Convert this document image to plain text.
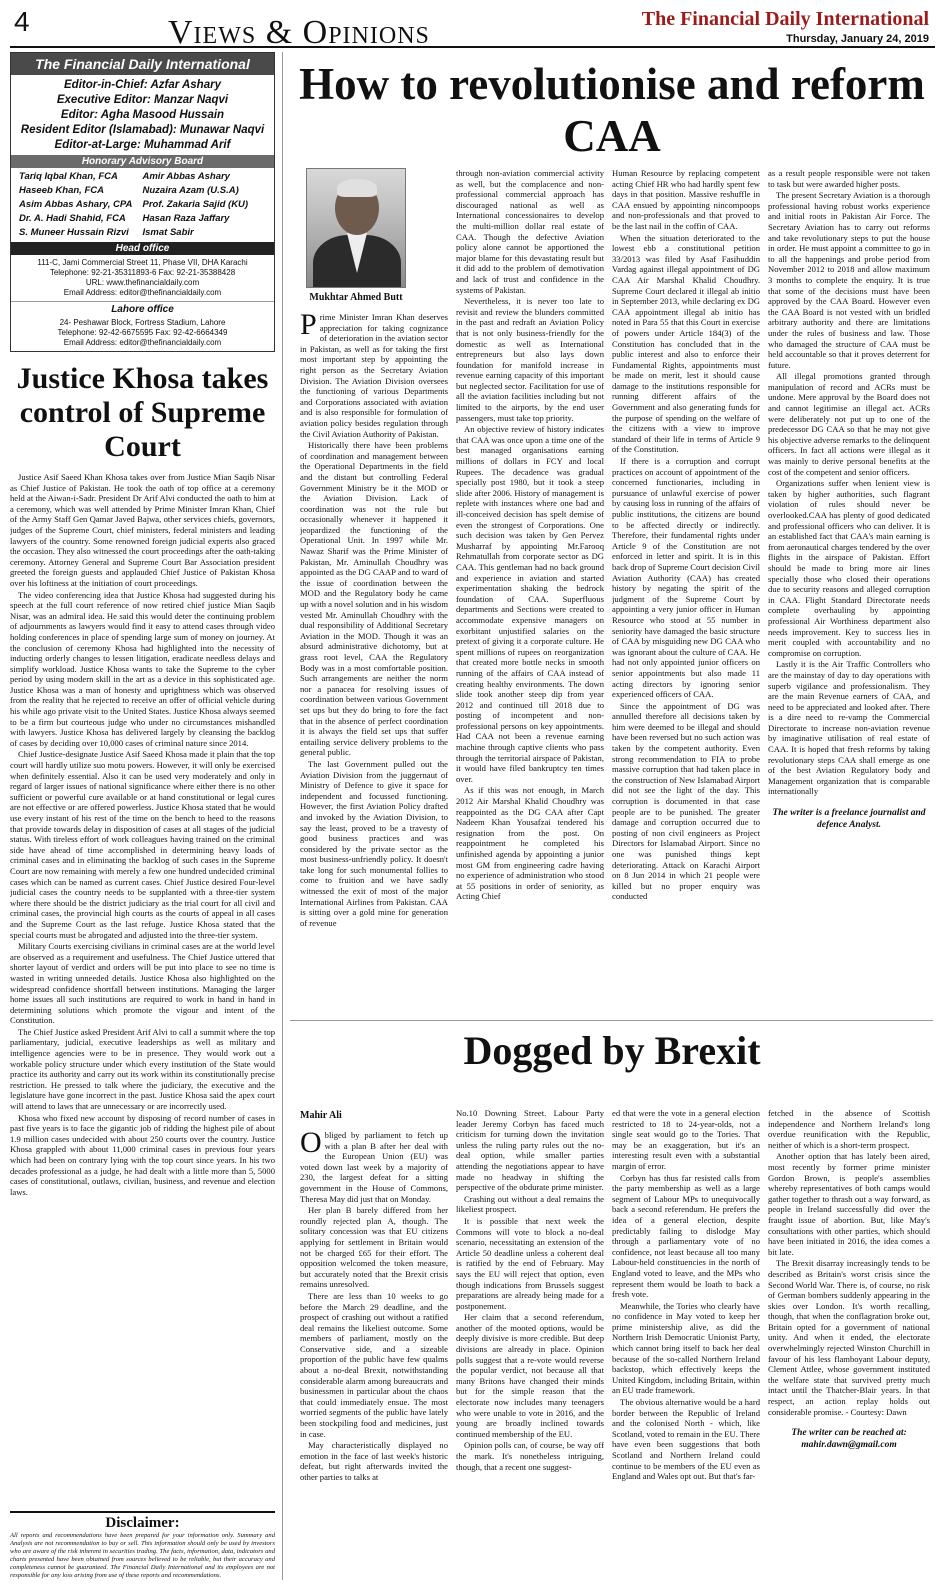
4	Views & Opinions	The Financial Daily International
Thursday, January 24, 2019
The Financial Daily International
Editor-in-Chief: Azfar Ashary
Executive Editor: Manzar Naqvi
Editor: Agha Masood Hussain
Resident Editor (Islamabad): Munawar Naqvi
Editor-at-Large: Muhammad Arif
Honorary Advisory Board
Tariq Iqbal Khan, FCA	Amir Abbas Ashary
Haseeb Khan, FCA	Nuzaira Azam (U.S.A)
Asim Abbas Ashary, CPA	Prof. Zakaria Sajid (KU)
Dr. A. Hadi Shahid, FCA	Hasan Raza Jaffary
S. Muneer Hussain Rizvi	Ismat Sabir
Head office
111-C, Jami Commercial Street 11, Phase VII, DHA Karachi
Telephone: 92-21-35311893-6 Fax: 92-21-35388428
URL: www.thefinancialdaily.com
Email Address: editor@thefinancialdaily.com
Lahore office
24- Peshawar Block, Fortress Stadium, Lahore
Telephone: 92-42-6675595 Fax: 92-42-6664349
Email Address: editor@thefinancialdaily.com
Justice Khosa takes control of Supreme Court

Justice Asif Saeed Khan Khosa takes over from Justice Mian Saqib Nisar as Chief Justice of Pakistan. He took the oath of top office at a ceremony held at the Aiwan-i-Sadr. President Dr Arif Alvi conducted the oath to him at a ceremony, which was well attended by Prime Minister Imran Khan, Chief of the Army Staff Gen Qamar Javed Bajwa, other services chiefs, governors, judges of the Supreme Court, chief ministers, federal ministers and leading lawyers of the country. Some renowned foreign judicial experts also graced the occasion. They also witnessed the court proceedings after the oath-taking ceremony. Attorney General and Supreme Court Bar Association president greeted the foreign guests and applauded Chief Justice of Pakistan Khosa over his loftiness at the initiation of court proceedings.

The video conferencing idea that Justice Khosa had suggested during his speech at the full court reference of now retired chief justice Mian Saqib Nisar, was an admiral idea. He said this would deter the continuing problem of adjournments as lawyers would find it easy to attend cases through video holding conferences in place of spending large sum of money on journey. At the conclusion of ceremony Khosa had highlighted into the necessity of inducting orderly changes to lessen litigation, eradicate needless delays and simplify workload. Justice Khosa wants to take the Supreme to the cyber period by using modern skill in the art as a device in this sophisticated age. Justice Khosa was a man of honesty and uprightness which was observed from the reality that he rejected to receive an offer of official vehicle during his while ago private visit to the United States. Justice Khosa always seemed to be a firm but courteous judge who under no circumstances mishandled with lawyers. Justice Khosa has delivered largely by cleansing the backlog of cases by deciding over 10,000 cases of criminal nature since 2014.

Chief Justice-designate Justice Asif Saeed Khosa made it plain that the top court will hardly utilize suo motu powers. However, it will only be exercised when definitely essential. Also it can be used very moderately and only in regard of larger issues of national significance where either there is no other sufficient or powerful cure available or at hand constitutional or legal cures are not effective or are offered powerless. Justice Khosa stated that he would use every instant of his rest of the time on the bench to heed to the reasons that provide towards delay in disposition of cases at all stages of the judicial status. With tireless effort of work colleagues having trained on the criminal side have ahead of time accomplished in determining heavy loads of criminal cases and in eliminating the backlog of such cases in the Supreme Court are now remaining with merely a few one hundred undecided criminal cases which can be named as current cases. Chief Justice desired Four-level judicial cases the country needs to be supplanted with a three-tier system where there should be the district judiciary as the trial court for all civil and criminal cases, the provincial high courts as the courts of appeal in all cases and the Supreme Court as the last refuge. Justice Khosa stated that the special courts must be abrogated and adjusted into the three-tier system.

Military Courts exercising civilians in criminal cases are at the world level are observed as a requirement and usefulness. The Chief Justice uttered that shorter layout of verdict and orders will be put into place to see no time is wasted in writing unneeded details. Justice Khosa also highlighted on the widespread confidence shortfall between institutions. Managing the larger home issues all such institutions are required to work in hand in hand in determining solutions which promote the vigour and intent of the Constitution.

The Chief Justice asked President Arif Alvi to call a summit where the top parliamentary, judicial, executive leaderships as well as military and intelligence agencies were to be in presence. They would work out a workable policy structure under which every institution of the State would practice its authority and carry out its work within its constitutionally precise restriction. He pressed to talk where the judiciary, the executive and the legislature have gone incorrect in the past. Justice Khosa said the apex court will attend to laws that are unnecessary or are incorrectly used.

Khosa who fixed new account by disposing of record number of cases in past five years is to face the gigantic job of ridding the highest pile of about 1.9 million cases undecided with about 250 courts over the country. Justice Khosa grappled with about 11,000 criminal cases in previous four years which had been on contrary lying with the top court since years. In his two decades professional as a judge, he had dealt with a little more than 5, 5000 cases of constitutional, outlaws, civilian, business, and revenue and election laws.

Disclaimer:
All reports and recommendations have been prepared for your information only. Summary and Analysis are not recommendation to buy or sell. This information should only be used by investors who are aware of the risk inherent in securities trading. The facts, information, data, indicators and charts presented have been obtained from sources believed to be reliable, but their accuracy and completeness cannot be guaranteed. The Financial Daily International and its employees are not responsible for any loss arising from use of these reports and recommendations.
How to revolutionise and reform CAA
Mukhtar Ahmed Butt

Prime Minister Imran Khan deserves appreciation for taking cognizance of deterioration in the aviation sector in Pakistan, as well as for taking the first most important step by appointing the right person as the Secretary Aviation Division. The Aviation Division oversees the functioning of various Departments and Corporations associated with aviation and is also responsible for formulation of aviation policy besides regulation through the Civil Aviation Authority of Pakistan.

Historically there have been problems of coordination and management between the Operational Departments in the field and the distant but controlling Federal Government Ministry be it the MOD or the Aviation Division. Lack of coordination was not the rule but occasionally whenever it happened it jeopardized the functioning of the Operational Unit. In 1997 while Mr. Nawaz Sharif was the Prime Minister of Pakistan, Mr. Aminullah Choudhry was appointed as the DG CAAP and to ward of the issue of coordination between the MOD and the Regulatory body he came up with a novel solution and in his wisdom vested Mr. Aminullah Choudhry with the dual responsibility of Additional Secretary Aviation in the MOD. Though it was an absurd administrative dichotomy, but at grass root level, CAA the Regulatory Body was in a most comfortable position. Such arrangements are neither the norm nor a panacea for resolving issues of coordination between various Government set ups but they do bring to fore the fact that in the absence of perfect coordination it is always the field set ups that suffer entailing service delivery problems to the general public.

The last Government pulled out the Aviation Division from the juggernaut of Ministry of Defence to give it space for independent and focussed functioning. However, the first Aviation Policy drafted and invoked by the Aviation Division, to say the least, proved to be a travesty of good business practices and was considered by the private sector as the most business-unfriendly policy. It doesn't take long for such monumental follies to come to fruition and we have sadly witnessed the exit of most of the major International Airlines from Pakistan. CAA is sitting over a gold mine for generation of revenue

through non-aviation commercial activity as well, but the complacence and non-professional commercial approach has discouraged national as well as International concessionaires to develop the multi-million dollar real estate of CAA. Though the defective Aviation policy alone cannot be apportioned the major blame for this devastating result but it did add to the problem of demotivation and lack of trust and confidence in the systems of Pakistan.

Nevertheless, it is never too late to revisit and review the blunders committed in the past and redraft an Aviation Policy that is not only business-friendly for the domestic as well as International entrepreneurs but also lays down foundation for manifold increase in revenue earning capacity of this important but neglected sector. Facilitation for use of all the aviation facilities including but not limited to the airports, by the end user passengers, must take top priority.

An objective review of history indicates that CAA was once upon a time one of the best managed organisations earning millions of dollars in FCY and local Rupees. The decadence was gradual specially post 1980, but it took a steep slide after 2006. History of management is replete with instances where one bad and ill-conceived decision has spelt demise of even the strongest of Corporations. One such decision was taken by Gen Pervez Musharraf by appointing Mr.Farooq Rehmatullah from corporate sector as DG CAA. This gentleman had no back ground and experience in aviation and started experimentation shaking the bedrock foundation of CAA. Superfluous departments and Sections were created to accommodate expensive managers on exorbitant unjustified salaries on the pretext of giving it a corporate culture. He spent millions of rupees on reorganization that created more bottle necks in smooth running of the affairs of CAA instead of creating healthy environments. The down slide took another steep dip from year 2012 and continued till 2018 due to posting of incompetent and non-professional persons on key appointments. Had CAA not been a revenue earning machine through captive clients who pass through the territorial airspace of Pakistan, it would have filed bankruptcy ten times over.

As if this was not enough, in March 2012 Air Marshal Khalid Choudhry was reappointed as the DG CAA after Capt Nadeem Khan Yousafzai tendered his resignation from the post. On reappointment he completed his unfinished agenda by appointing a junior most GM from engineering cadre having no experience of administration who stood at 55 positions in order of seniority, as Acting Chief

Human Resource by replacing competent acting Chief HR who had hardly spent few days in that position. Massive reshuffle in CAA ensued by appointing nincompoops and non-professionals and that proved to be the last nail in the coffin of CAA.

When the situation deteriorated to the lowest ebb a constitutional petition 33/2013 was filed by Asaf Fasihuddin Vardag against illegal appointment of DG CAA Air Marshal Khalid Choudhry. Supreme Court declared it illegal ab initio in September 2013, while declaring ex DG CAA appointment illegal ab initio has noted in Para 55 that this Court in exercise of powers under Article 184(3) of the Constitution has concluded that in the public interest and also to enforce their Fundamental Rights, appointments must be made on merit, lest it should cause damage to the institutions responsible for running different affairs of the Government and also generating funds for the purpose of spending on the welfare of the citizens with a view to improve standard of their life in terms of Article 9 of the Constitution.

If there is a corruption and corrupt practices on account of appointment of the concerned functionaries, including in pursuance of unlawful exercise of power by causing loss in running of the affairs of public institutions, the citizens are bound to be affected directly or indirectly. Therefore, their fundamental rights under Article 9 of the Constitution are not enforced in letter and spirit. It is in this back drop of Supreme Court decision Civil Aviation Authority (CAA) has created history by negating the spirit of the judgment of the Supreme Court by appointing a very junior officer in Human Resource who stood at 55 number in seniority have damaged the basic structure of CAA by misguiding new DG CAA who was ignorant about the culture of CAA. He had not only appointed junior officers on senior appointments but also made 11 acting directors by ignoring senior experienced officers of CAA.

Since the appointment of DG was annulled therefore all decisions taken by him were deemed to be illegal and should have been reversed but no such action was taken by the competent authority. Even strong recommendation to FIA to probe massive corruption that had taken place in the construction of New Islamabad Airport did not see the light of the day. This corruption is documented in that case people are to be punished. The greater damage and corruption occurred due to posting of non civil engineers as Project Directors for Islamabad Airport. Since no one was punished things kept deteriorating. Attack on Karachi Airport on 8 Jun 2014 in which 21 people were killed but no proper enquiry was conducted

as a result people responsible were not taken to task but were awarded higher posts.

The present Secretary Aviation is a thorough professional having robust works experience and initial roots in Pakistan Air Force. The Secretary Aviation has to carry out reforms and take revolutionary steps to put the house in order. He must appoint a committee to go in to all the happenings and probe period from November 2012 to 2018 and allow maximum 3 months to complete the enquiry. It is true that some of the decisions must have been approved by the CAA Board. However even the CAA Board is not vested with un bridled arbitrary authority and there are limitations under the rules of business and law. Those who damaged the structure of CAA must be held accountable so that it proves deterrent for future.

All illegal promotions granted through manipulation of record and ACRs must be undone. Mere approval by the Board does not and cannot legitimise an illegal act. ACRs were deliberately not put up to one of the predecessor DG CAA so that he may not give his objective adverse remarks to the delinquent officers. In fact all actions were illegal as it was mainly to derive personal benefits at the cost of the competent and senior officers.

Organizations suffer when lenient view is taken by higher authorities, such flagrant violation of rules should never be overlooked.CAA has plenty of good dedicated and professional officers who can deliver. It is an established fact that CAA's main earning is from aeronautical charges tendered by the over flights in the airspace of Pakistan. Effort should be made to bring more air lines specially those who closed their operations due to security reasons and alleged corruption in CAA. Flight Standard Directorate needs complete overhauling by appointing professional Air Worthiness department also needs improvement. Key to success lies in merit coupled with accountability and no compromise on corruption.

Lastly it is the Air Traffic Controllers who are the mainstay of day to day operations with superb vigilance and professionalism. They are the main Revenue earners of CAA, and need to be appreciated and looked after. There is a dire need to re-vamp the Commercial Directorate to increase non-aviation revenue by imaginative utilisation of real estate of CAA. It is hoped that fresh reforms by taking revolutionary steps CAA shall emerge as one of the best Aviation Regulatory body and Management organization that is comparable internationally

The writer is a freelance journalist and defence Analyst.
Dogged by Brexit
Mahir Ali

Obliged by parliament to fetch up with a plan B after her deal with the European Union (EU) was voted down last week by a majority of 230, the largest defeat for a sitting government in the House of Commons, Theresa May did just that on Monday.

Her plan B barely differed from her roundly rejected plan A, though. The solitary concession was that EU citizens applying for settlement in Britain would not be charged £65 for their effort. The opposition welcomed the token measure, but accurately noted that the Brexit crisis remains unresolved.

There are less than 10 weeks to go before the March 29 deadline, and the prospect of crashing out without a ratified deal remains the likeliest outcome. Some members of parliament, mostly on the Conservative side, and a sizeable proportion of the public have few qualms about a no-deal Brexit, notwithstanding considerable alarm among bureaucrats and businessmen in particular about the chaos that could immediately ensue. The most worried segments of the public have lately been stockpiling food and medicines, just in case.

May characteristically displayed no emotion in the face of last week's historic defeat, but right afterwards invited the other parties to talks at

No.10 Downing Street. Labour Party leader Jeremy Corbyn has faced much criticism for turning down the invitation unless the ruling party rules out the no-deal option, while smaller parties attending the negotiations appear to have made no headway in shifting the perspective of the obdurate prime minister.

Crashing out without a deal remains the likeliest prospect.

It is possible that next week the Commons will vote to block a no-deal scenario, necessitating an extension of the Article 50 deadline unless a coherent deal is ratified by the end of February. May says the EU will reject that option, even though indications from Brussels suggest preparations are already being made for a postponement.

Her claim that a second referendum, another of the mooted options, would be deeply divisive is more credible. But deep divisions are already in place. Opinion polls suggest that a re-vote would reverse the popular verdict, not because all that many Britons have changed their minds but for the simple reason that the electorate now includes many teenagers who were unable to vote in 2016, and the young are broadly inclined towards continued membership of the EU.

Opinion polls can, of course, be way off the mark. It's nonetheless intriguing, though, that a recent one suggest-

ed that were the vote in a general election restricted to 18 to 24-year-olds, not a single seat would go to the Tories. That may be an exaggeration, but it's an interesting result even with a substantial margin of error.

Corbyn has thus far resisted calls from the party membership as well as a large segment of Labour MPs to unequivocally back a second referendum. He prefers the idea of a general election, despite predictably failing to dislodge May through a parliamentary vote of no confidence, not least because all too many Labour-held constituencies in the north of England voted to leave, and the MPs who represent them would be loath to back a fresh vote.

Meanwhile, the Tories who clearly have no confidence in May voted to keep her prime ministership alive, as did the Northern Irish Democratic Unionist Party, which cannot bring itself to back her deal because of the so-called Northern Ireland backstop, which effectively keeps the United Kingdom, including Britain, within an EU trade framework.

The obvious alternative would be a hard border between the Republic of Ireland and the colonised North - which, like Scotland, voted to remain in the EU. There have even been suggestions that both Scotland and Northern Ireland could continue to be members of the EU even as England and Wales opt out. But that's far-

fetched in the absence of Scottish independence and Northern Ireland's long overdue reunification with the Republic, neither of which is a short-term prospect.

Another option that has lately been aired, most recently by former prime minister Gordon Brown, is people's assemblies whereby representatives of both camps would gather together to thrash out a way forward, as people in Ireland successfully did over the fraught issue of abortion. But, like May's consultations with other parties, which should have been initiated in 2016, the idea comes a bit late.

The Brexit disarray increasingly tends to be described as Britain's worst crisis since the Second World War. There is, of course, no risk of German bombers suddenly appearing in the skies over London. It's worth recalling, though, that when the conflagration broke out, Britain opted for a government of national unity. And when it ended, the electorate overwhelmingly rejected Winston Churchill in favour of his less flamboyant Labour deputy, Clement Attlee, whose government instituted the welfare state that survived pretty much intact until the Thatcher-Blair years. In that respect, an action replay holds out considerable promise. - Courtesy: Dawn

The writer can be reached at: mahir.dawn@gmail.com
